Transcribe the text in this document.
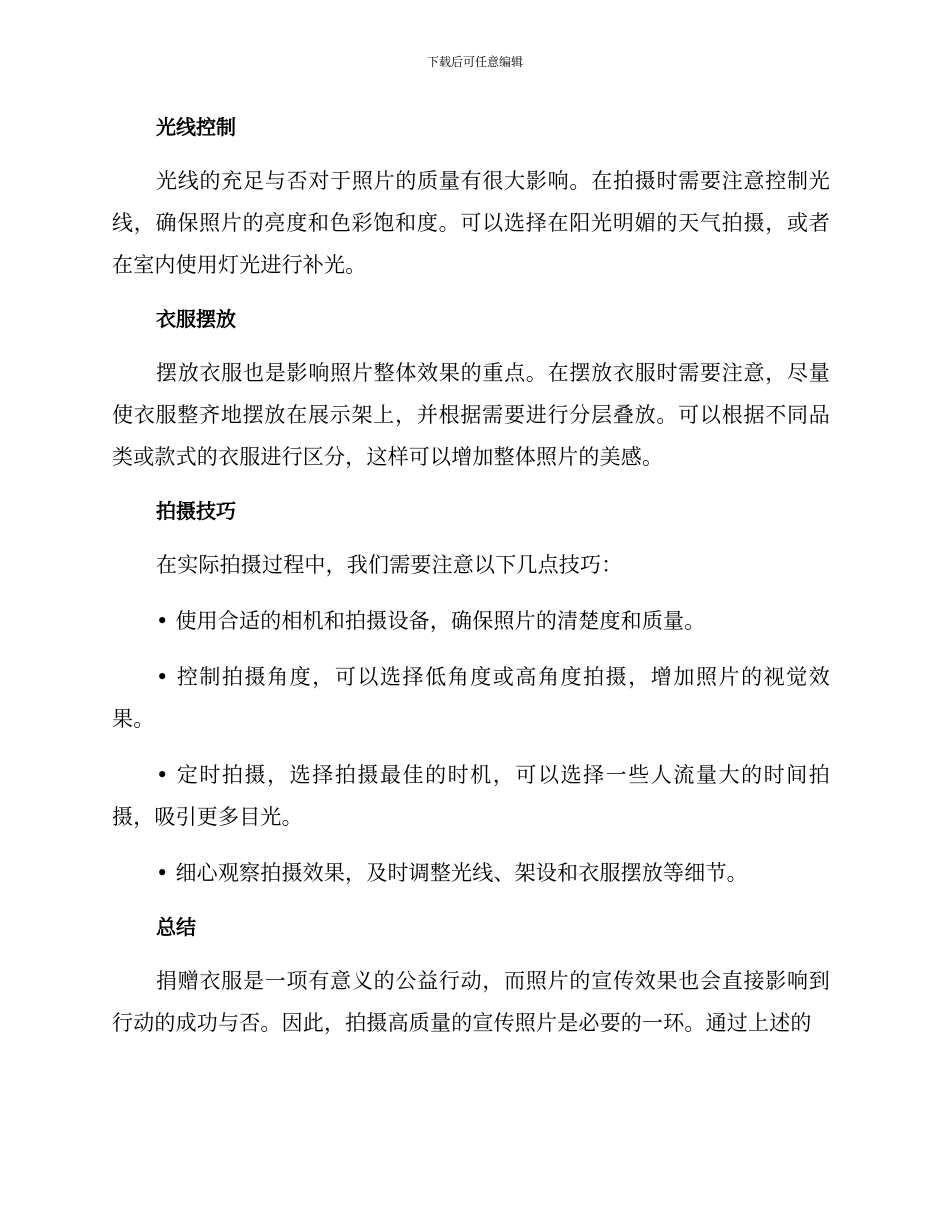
下载后可任意编辑
光线控制

光线的充足与否对于照片的质量有很大影响。在拍摄时需要注意控制光线，确保照片的亮度和色彩饱和度。可以选择在阳光明媚的天气拍摄，或者在室内使用灯光进行补光。

衣服摆放

摆放衣服也是影响照片整体效果的重点。在摆放衣服时需要注意，尽量使衣服整齐地摆放在展示架上，并根据需要进行分层叠放。可以根据不同品类或款式的衣服进行区分，这样可以增加整体照片的美感。

拍摄技巧

在实际拍摄过程中，我们需要注意以下几点技巧：

• 使用合适的相机和拍摄设备，确保照片的清楚度和质量。

• 控制拍摄角度，可以选择低角度或高角度拍摄，增加照片的视觉效果。

• 定时拍摄，选择拍摄最佳的时机，可以选择一些人流量大的时间拍摄，吸引更多目光。

• 细心观察拍摄效果，及时调整光线、架设和衣服摆放等细节。

总结

捐赠衣服是一项有意义的公益行动，而照片的宣传效果也会直接影响到行动的成功与否。因此，拍摄高质量的宣传照片是必要的一环。通过上述的
